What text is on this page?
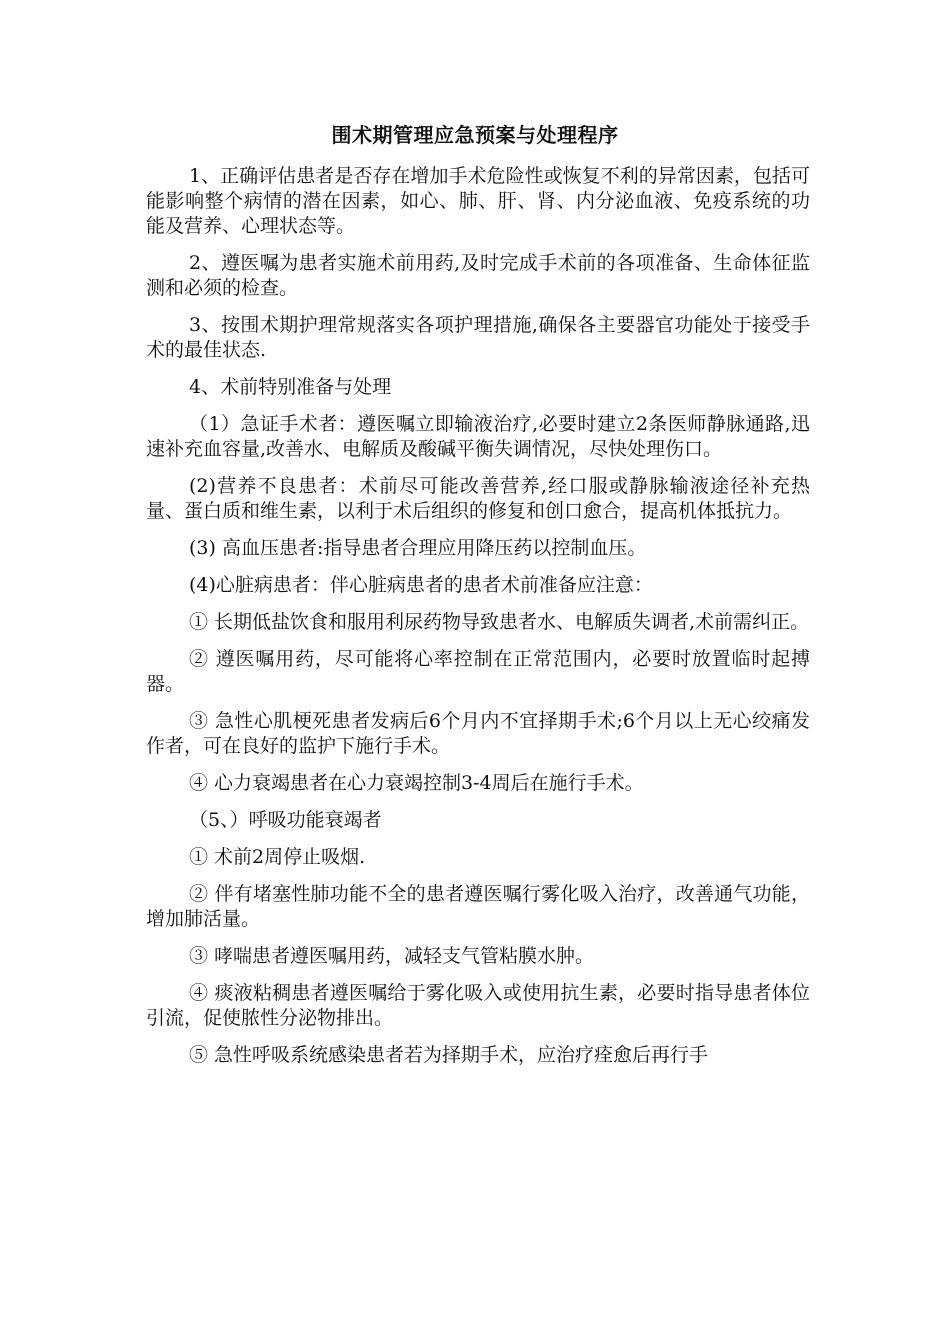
围术期管理应急预案与处理程序

1、正确评估患者是否存在增加手术危险性或恢复不利的异常因素，包括可能影响整个病情的潜在因素，如心、肺、肝、肾、内分泌血液、免疫系统的功能及营养、心理状态等。

2、遵医嘱为患者实施术前用药,及时完成手术前的各项准备、生命体征监测和必须的检查。

3、按围术期护理常规落实各项护理措施,确保各主要器官功能处于接受手术的最佳状态.

4、术前特别准备与处理

（1）急证手术者：遵医嘱立即输液治疗,必要时建立2条医师静脉通路,迅速补充血容量,改善水、电解质及酸碱平衡失调情况，尽快处理伤口。

(2)营养不良患者：术前尽可能改善营养,经口服或静脉输液途径补充热量、蛋白质和维生素，以利于术后组织的修复和创口愈合，提高机体抵抗力。

(3) 高血压患者:指导患者合理应用降压药以控制血压。

(4)心脏病患者：伴心脏病患者的患者术前准备应注意：

① 长期低盐饮食和服用利尿药物导致患者水、电解质失调者,术前需纠正。

② 遵医嘱用药，尽可能将心率控制在正常范围内，必要时放置临时起搏器。

③ 急性心肌梗死患者发病后6个月内不宜择期手术;6个月以上无心绞痛发作者，可在良好的监护下施行手术。

④ 心力衰竭患者在心力衰竭控制3-4周后在施行手术。

（5、）呼吸功能衰竭者

① 术前2周停止吸烟.

② 伴有堵塞性肺功能不全的患者遵医嘱行雾化吸入治疗，改善通气功能，增加肺活量。

③ 哮喘患者遵医嘱用药，减轻支气管粘膜水肿。

④ 痰液粘稠患者遵医嘱给于雾化吸入或使用抗生素，必要时指导患者体位引流，促使脓性分泌物排出。

⑤ 急性呼吸系统感染患者若为择期手术，应治疗痊愈后再行手
